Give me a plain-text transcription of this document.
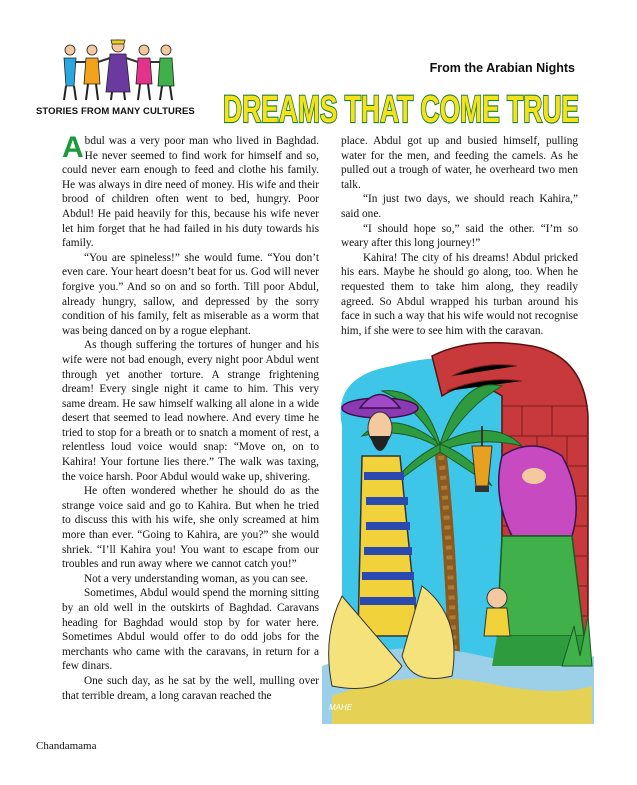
STORIES FROM MANY CULTURES
From the Arabian Nights
DREAMS THAT COME TRUE

Abdul was a very poor man who lived in Baghdad. He never seemed to find work for himself and so, could never earn enough to feed and clothe his family. He was always in dire need of money. His wife and their brood of children often went to bed, hungry. Poor Abdul! He paid heavily for this, because his wife never let him forget that he had failed in his duty towards his family.

“You are spineless!” she would fume. “You don’t even care. Your heart doesn’t beat for us. God will never forgive you.” And so on and so forth. Till poor Abdul, already hungry, sallow, and depressed by the sorry condition of his family, felt as miserable as a worm that was being danced on by a rogue elephant.

As though suffering the tortures of hunger and his wife were not bad enough, every night poor Abdul went through yet another torture. A strange frightening dream! Every single night it came to him. This very same dream. He saw himself walking all alone in a wide desert that seemed to lead nowhere. And every time he tried to stop for a breath or to snatch a moment of rest, a relentless loud voice would snap: “Move on, on to Kahira! Your fortune lies there.” The walk was taxing, the voice harsh. Poor Abdul would wake up, shivering.

He often wondered whether he should do as the strange voice said and go to Kahira. But when he tried to discuss this with his wife, she only screamed at him more than ever. “Going to Kahira, are you?” she would shriek. “I’ll Kahira you! You want to escape from our troubles and run away where we cannot catch you!”

Not a very understanding woman, as you can see.

Sometimes, Abdul would spend the morning sitting by an old well in the outskirts of Baghdad. Caravans heading for Baghdad would stop by for water here. Sometimes Abdul would offer to do odd jobs for the merchants who came with the caravans, in return for a few dinars.

One such day, as he sat by the well, mulling over that terrible dream, a long caravan reached the

place. Abdul got up and busied himself, pulling water for the men, and feeding the camels. As he pulled out a trough of water, he overheard two men talk.

“In just two days, we should reach Kahira,” said one.

“I should hope so,” said the other. “I’m so weary after this long journey!”

Kahira! The city of his dreams! Abdul pricked his ears. Maybe he should go along, too. When he requested them to take him along, they readily agreed. So Abdul wrapped his turban around his face in such a way that his wife would not recognise him, if she were to see him with the caravan.

MAHE
Chandamama
